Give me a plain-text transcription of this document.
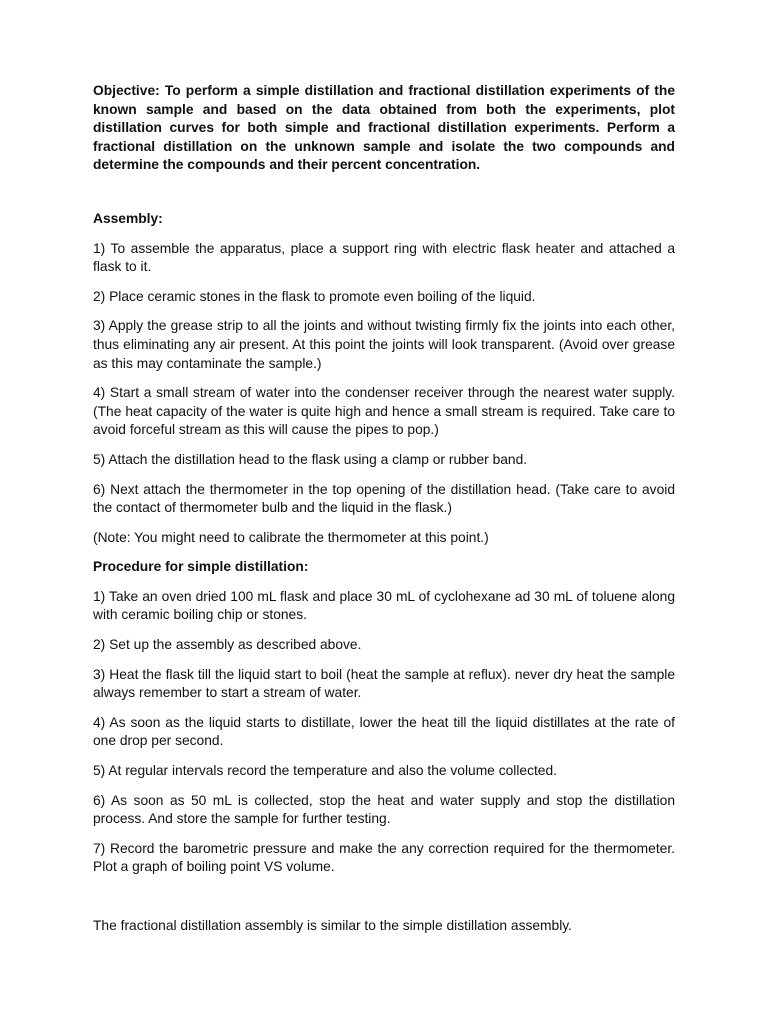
Objective: To perform a simple distillation and fractional distillation experiments of the known sample and based on the data obtained from both the experiments, plot distillation curves for both simple and fractional distillation experiments. Perform a fractional distillation on the unknown sample and isolate the two compounds and determine the compounds and their percent concentration.

Assembly:

1) To assemble the apparatus, place a support ring with electric flask heater and attached a flask to it.

2) Place ceramic stones in the flask to promote even boiling of the liquid.

3) Apply the grease strip to all the joints and without twisting firmly fix the joints into each other, thus eliminating any air present. At this point the joints will look transparent. (Avoid over grease as this may contaminate the sample.)

4) Start a small stream of water into the condenser receiver through the nearest water supply. (The heat capacity of the water is quite high and hence a small stream is required. Take care to avoid forceful stream as this will cause the pipes to pop.)

5) Attach the distillation head to the flask using a clamp or rubber band.

6) Next attach the thermometer in the top opening of the distillation head. (Take care to avoid the contact of thermometer bulb and the liquid in the flask.)

(Note: You might need to calibrate the thermometer at this point.)

Procedure for simple distillation:

1) Take an oven dried 100 mL flask and place 30 mL of cyclohexane ad 30 mL of toluene along with ceramic boiling chip or stones.

2) Set up the assembly as described above.

3) Heat the flask till the liquid start to boil (heat the sample at reflux). never dry heat the sample always remember to start a stream of water.

4) As soon as the liquid starts to distillate, lower the heat till the liquid distillates at the rate of one drop per second.

5) At regular intervals record the temperature and also the volume collected.

6) As soon as 50 mL is collected, stop the heat and water supply and stop the distillation process. And store the sample for further testing.

7) Record the barometric pressure and make the any correction required for the thermometer. Plot a graph of boiling point VS volume.

The fractional distillation assembly is similar to the simple distillation assembly.
